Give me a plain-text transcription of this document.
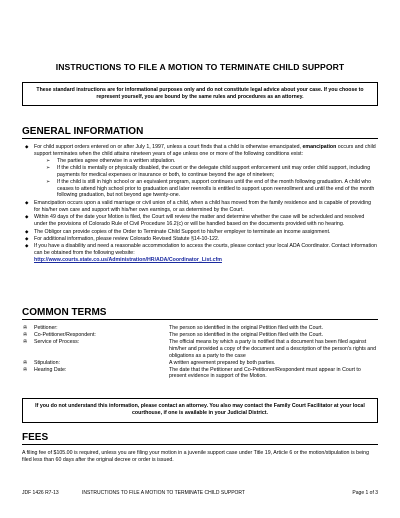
INSTRUCTIONS TO FILE A MOTION TO TERMINATE CHILD SUPPORT
These standard instructions are for informational purposes only and do not constitute legal advice about your case. If you choose to represent yourself, you are bound by the same rules and procedures as an attorney.
GENERAL INFORMATION
◆ For child support orders entered on or after July 1, 1997, unless a court finds that a child is otherwise emancipated, emancipation occurs and child support terminates when the child attains nineteen years of age unless one or more of the following conditions exist:
➢ The parties agree otherwise in a written stipulation.
➢ If the child is mentally or physically disabled, the court or the delegate child support enforcement unit may order child support, including payments for medical expenses or insurance or both, to continue beyond the age of nineteen;
➢ If the child is still in high school or an equivalent program, support continues until the end of the month following graduation. A child who ceases to attend high school prior to graduation and later reenrolls is entitled to support upon reenrollment and until the end of the month following graduation, but not beyond age twenty-one.
◆ Emancipation occurs upon a valid marriage or civil union of a child, when a child has moved from the family residence and is capable of providing for his/her own care and support with his/her own earnings, or as determined by the Court.
◆ Within 49 days of the date your Motion is filed, the Court will review the matter and determine whether the case will be scheduled and resolved under the provisions of Colorado Rule of Civil Procedure 16.2(c) or will be handled based on the documents provided with no hearing.
◆ The Obligor can provide copies of the Order to Terminate Child Support to his/her employer to terminate an income assignment.
◆ For additional information, please review Colorado Revised Statute §14-10-122.
◆ If you have a disability and need a reasonable accommodation to access the courts, please contact your local ADA Coordinator. Contact information can be obtained from the following website:
http://www.courts.state.co.us/Administration/HR/ADA/Coordinator_List.cfm
COMMON TERMS
✇ Petitioner:	The person so identified in the original Petition filed with the Court.
✇ Co-Petitioner/Respondent:	The person so identified in the original Petition filed with the Court.
✇ Service of Process:	The official means by which a party is notified that a document has been filed against him/her and provided a copy of the document and a description of the person's rights and obligations as a party to the case
✇ Stipulation:	A written agreement prepared by both parties.
✇ Hearing Date:	The date that the Petitioner and Co-Petitioner/Respondent must appear in Court to present evidence in support of the Motion.
If you do not understand this information, please contact an attorney. You also may contact the Family Court Facilitator at your local courthouse, if one is available in your Judicial District.
FEES
A filing fee of $105.00 is required, unless you are filing your motion in a juvenile support case under Title 19, Article 6 or the motion/stipulation is being filed less than 60 days after the original decree or order is issued.
JDF 1426 R7-13	INSTRUCTIONS TO FILE A MOTION TO TERMINATE CHILD SUPPORT	Page 1 of 3
